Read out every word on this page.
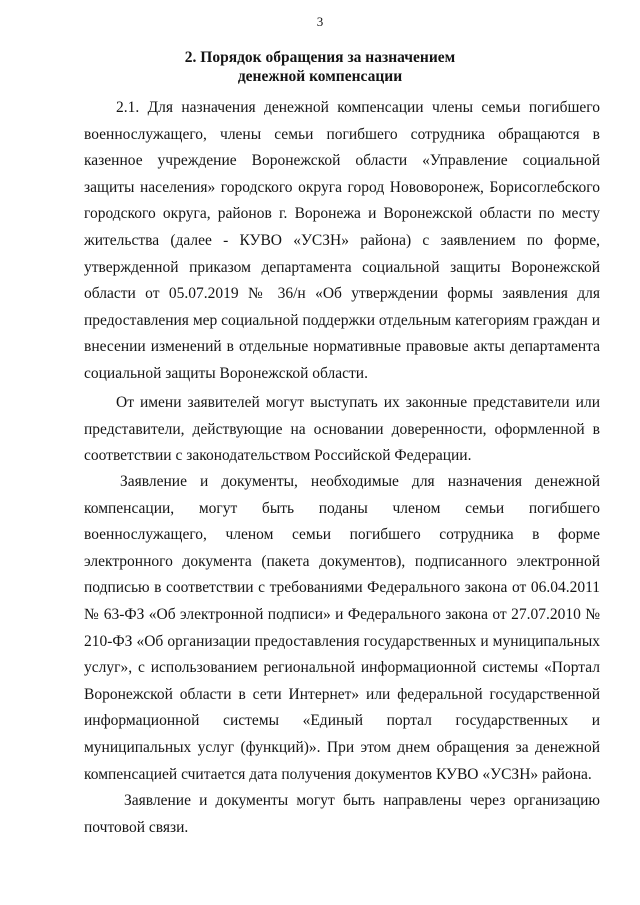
3
2. Порядок обращения за назначением
денежной компенсации
2.1. Для назначения денежной компенсации члены семьи погибшего
военнослужащего, члены семьи погибшего сотрудника обращаются в
казенное учреждение Воронежской области «Управление социальной
защиты населения» городского округа город Нововоронеж, Борисоглебского
городского округа, районов г. Воронежа и Воронежской области по месту
жительства (далее - КУВО «УСЗН» района) с заявлением по форме,
утвержденной приказом департамента социальной защиты Воронежской
области от 05.07.2019 № 36/н «Об утверждении формы заявления для
предоставления мер социальной поддержки отдельным категориям граждан и
внесении изменений в отдельные нормативные правовые акты департамента
социальной защиты Воронежской области.
От имени заявителей могут выступать их законные представители или
представители, действующие на основании доверенности, оформленной в
соответствии с законодательством Российской Федерации.
Заявление и документы, необходимые для назначения денежной
компенсации, могут быть поданы членом семьи погибшего
военнослужащего, членом семьи погибшего сотрудника в форме
электронного документа (пакета документов), подписанного электронной
подписью в соответствии с требованиями Федерального закона от 06.04.2011
№ 63-ФЗ «Об электронной подписи» и Федерального закона от 27.07.2010 №
210-ФЗ «Об организации предоставления государственных и муниципальных
услуг», с использованием региональной информационной системы «Портал
Воронежской области в сети Интернет» или федеральной государственной
информационной системы «Единый портал государственных и
муниципальных услуг (функций)». При этом днем обращения за денежной
компенсацией считается дата получения документов КУВО «УСЗН» района.
Заявление и документы могут быть направлены через организацию
почтовой связи.
